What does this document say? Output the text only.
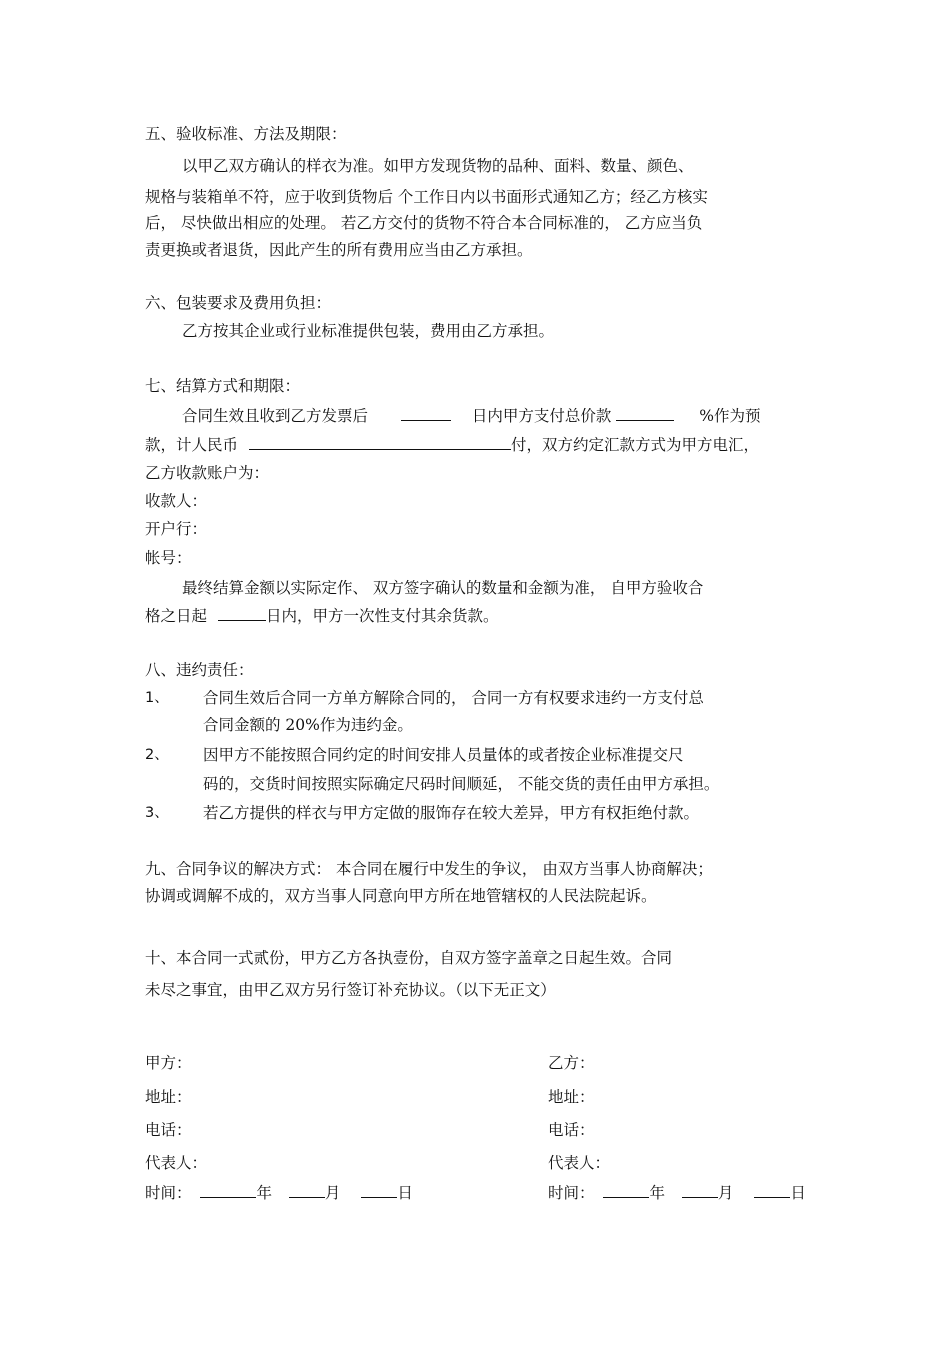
五、验收标准、方法及期限：
以甲乙双方确认的样衣为准。如甲方发现货物的品种、面料、数量、颜色、
规格与装箱单不符，应于收到货物后 个工作日内以书面形式通知乙方；经乙方核实
后， 尽快做出相应的处理。 若乙方交付的货物不符合本合同标准的， 乙方应当负
责更换或者退货，因此产生的所有费用应当由乙方承担。
六、包装要求及费用负担：
乙方按其企业或行业标准提供包装，费用由乙方承担。
七、结算方式和期限：
合同生效且收到乙方发票后	日内甲方支付总价款	%作为预
款，计人民币	付，双方约定汇款方式为甲方电汇，
乙方收款账户为：
收款人：
开户行：
帐号：
最终结算金额以实际定作、 双方签字确认的数量和金额为准， 自甲方验收合
格之日起	日内，甲方一次性支付其余货款。
八、违约责任：
1、 合同生效后合同一方单方解除合同的， 合同一方有权要求违约一方支付总
合同金额的 20%作为违约金。
2、 因甲方不能按照合同约定的时间安排人员量体的或者按企业标准提交尺
码的，交货时间按照实际确定尺码时间顺延， 不能交货的责任由甲方承担。
3、 若乙方提供的样衣与甲方定做的服饰存在较大差异，甲方有权拒绝付款。
九、合同争议的解决方式： 本合同在履行中发生的争议， 由双方当事人协商解决；
协调或调解不成的，双方当事人同意向甲方所在地管辖权的人民法院起诉。
十、本合同一式贰份，甲方乙方各执壹份，自双方签字盖章之日起生效。合同
未尽之事宜，由甲乙双方另行签订补充协议。（以下无正文）
甲方：
地址：
电话：
代表人：
时间：	年	月	日
乙方：
地址：
电话：
代表人：
时间：	年	月	日
